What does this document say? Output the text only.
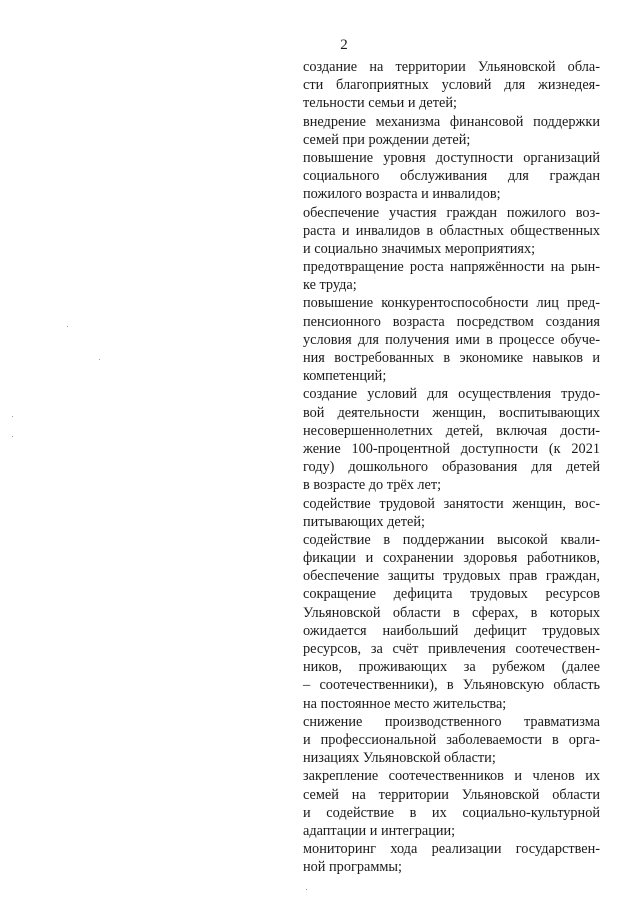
2
создание на территории Ульяновской обла-
сти благоприятных условий для жизнедея-
тельности семьи и детей;
внедрение механизма финансовой поддержки
семей при рождении детей;
повышение уровня доступности организаций
социального обслуживания для граждан
пожилого возраста и инвалидов;
обеспечение участия граждан пожилого воз-
раста и инвалидов в областных общественных
и социально значимых мероприятиях;
предотвращение роста напряжённости на рын-
ке труда;
повышение конкурентоспособности лиц пред-
пенсионного возраста посредством создания
условия для получения ими в процессе обуче-
ния востребованных в экономике навыков и
компетенций;
создание условий для осуществления трудо-
вой деятельности женщин, воспитывающих
несовершеннолетних детей, включая дости-
жение 100-процентной доступности (к 2021
году) дошкольного образования для детей
в возрасте до трёх лет;
содействие трудовой занятости женщин, вос-
питывающих детей;
содействие в поддержании высокой квали-
фикации и сохранении здоровья работников,
обеспечение защиты трудовых прав граждан,
сокращение дефицита трудовых ресурсов
Ульяновской области в сферах, в которых
ожидается наибольший дефицит трудовых
ресурсов, за счёт привлечения соотечествен-
ников, проживающих за рубежом (далее
– соотечественники), в Ульяновскую область
на постоянное место жительства;
снижение производственного травматизма
и профессиональной заболеваемости в орга-
низациях Ульяновской области;
закрепление соотечественников и членов их
семей на территории Ульяновской области
и содействие в их социально-культурной
адаптации и интеграции;
мониторинг хода реализации государствен-
ной программы;
